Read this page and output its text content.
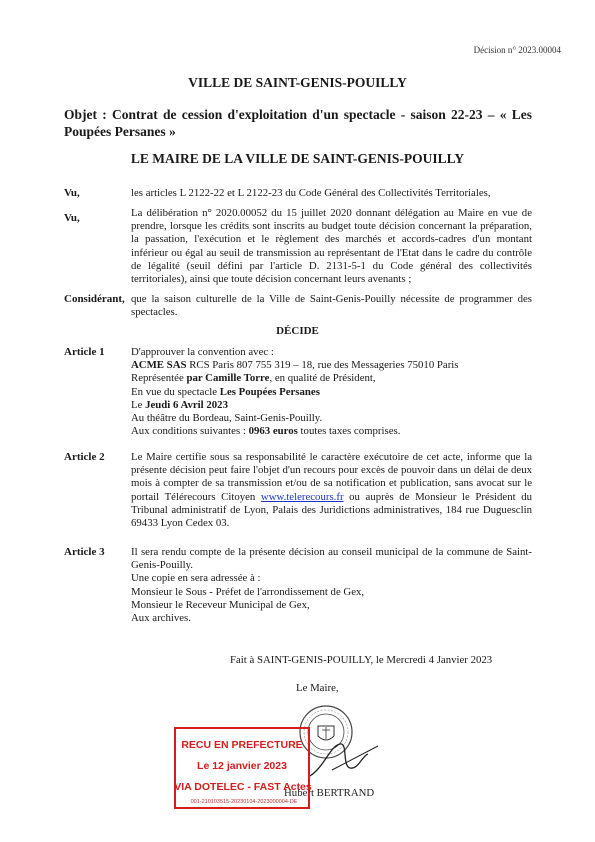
Décision n° 2023.00004
VILLE DE SAINT-GENIS-POUILLY
Objet : Contrat de cession d'exploitation d'un spectacle - saison 22-23 – « Les Poupées Persanes »
LE MAIRE DE LA VILLE DE SAINT-GENIS-POUILLY
Vu,	les articles L 2122-22 et L 2122-23 du Code Général des Collectivités Territoriales,
Vu,	La délibération n° 2020.00052 du 15 juillet 2020 donnant délégation au Maire en vue de prendre, lorsque les crédits sont inscrits au budget toute décision concernant la préparation, la passation, l'exécution et le règlement des marchés et accords-cadres d'un montant inférieur ou égal au seuil de transmission au représentant de l'Etat dans le cadre du contrôle de légalité (seuil défini par l'article D. 2131-5-1 du Code général des collectivités territoriales), ainsi que toute décision concernant leurs avenants ;
Considérant, que la saison culturelle de la Ville de Saint-Genis-Pouilly nécessite de programmer des spectacles.
DÉCIDE
Article 1 D'approuver la convention avec :

ACME SAS RCS Paris 807 755 319 – 18, rue des Messageries 75010 Paris

Représentée par Camille Torre, en qualité de Président,

En vue du spectacle Les Poupées Persanes

Le Jeudi 6 Avril 2023

Au théâtre du Bordeau, Saint-Genis-Pouilly.

Aux conditions suivantes : 0963 euros toutes taxes comprises.

Article 2 Le Maire certifie sous sa responsabilité le caractère exécutoire de cet acte, informe que la présente décision peut faire l'objet d'un recours pour excès de pouvoir dans un délai de deux mois à compter de sa transmission et/ou de sa notification et publication, sans avocat sur le portail Télérecours Citoyen www.telerecours.fr ou auprès de Monsieur le Président du Tribunal administratif de Lyon, Palais des Juridictions administratives, 184 rue Duguesclin 69433 Lyon Cedex 03.
Article 3 Il sera rendu compte de la présente décision au conseil municipal de la commune de Saint-Genis-Pouilly.
Une copie en sera adressée à :
Monsieur le Sous - Préfet de l'arrondissement de Gex,
Monsieur le Receveur Municipal de Gex,
Aux archives.
Fait à SAINT-GENIS-POUILLY, le Mercredi 4 Janvier 2023
Le Maire,
Hubert BERTRAND
RECU EN PREFECTURE
Le 12 janvier 2023
VIA DOTELEC - FAST Actes
001-210103515-20230104-2023000004-DE
